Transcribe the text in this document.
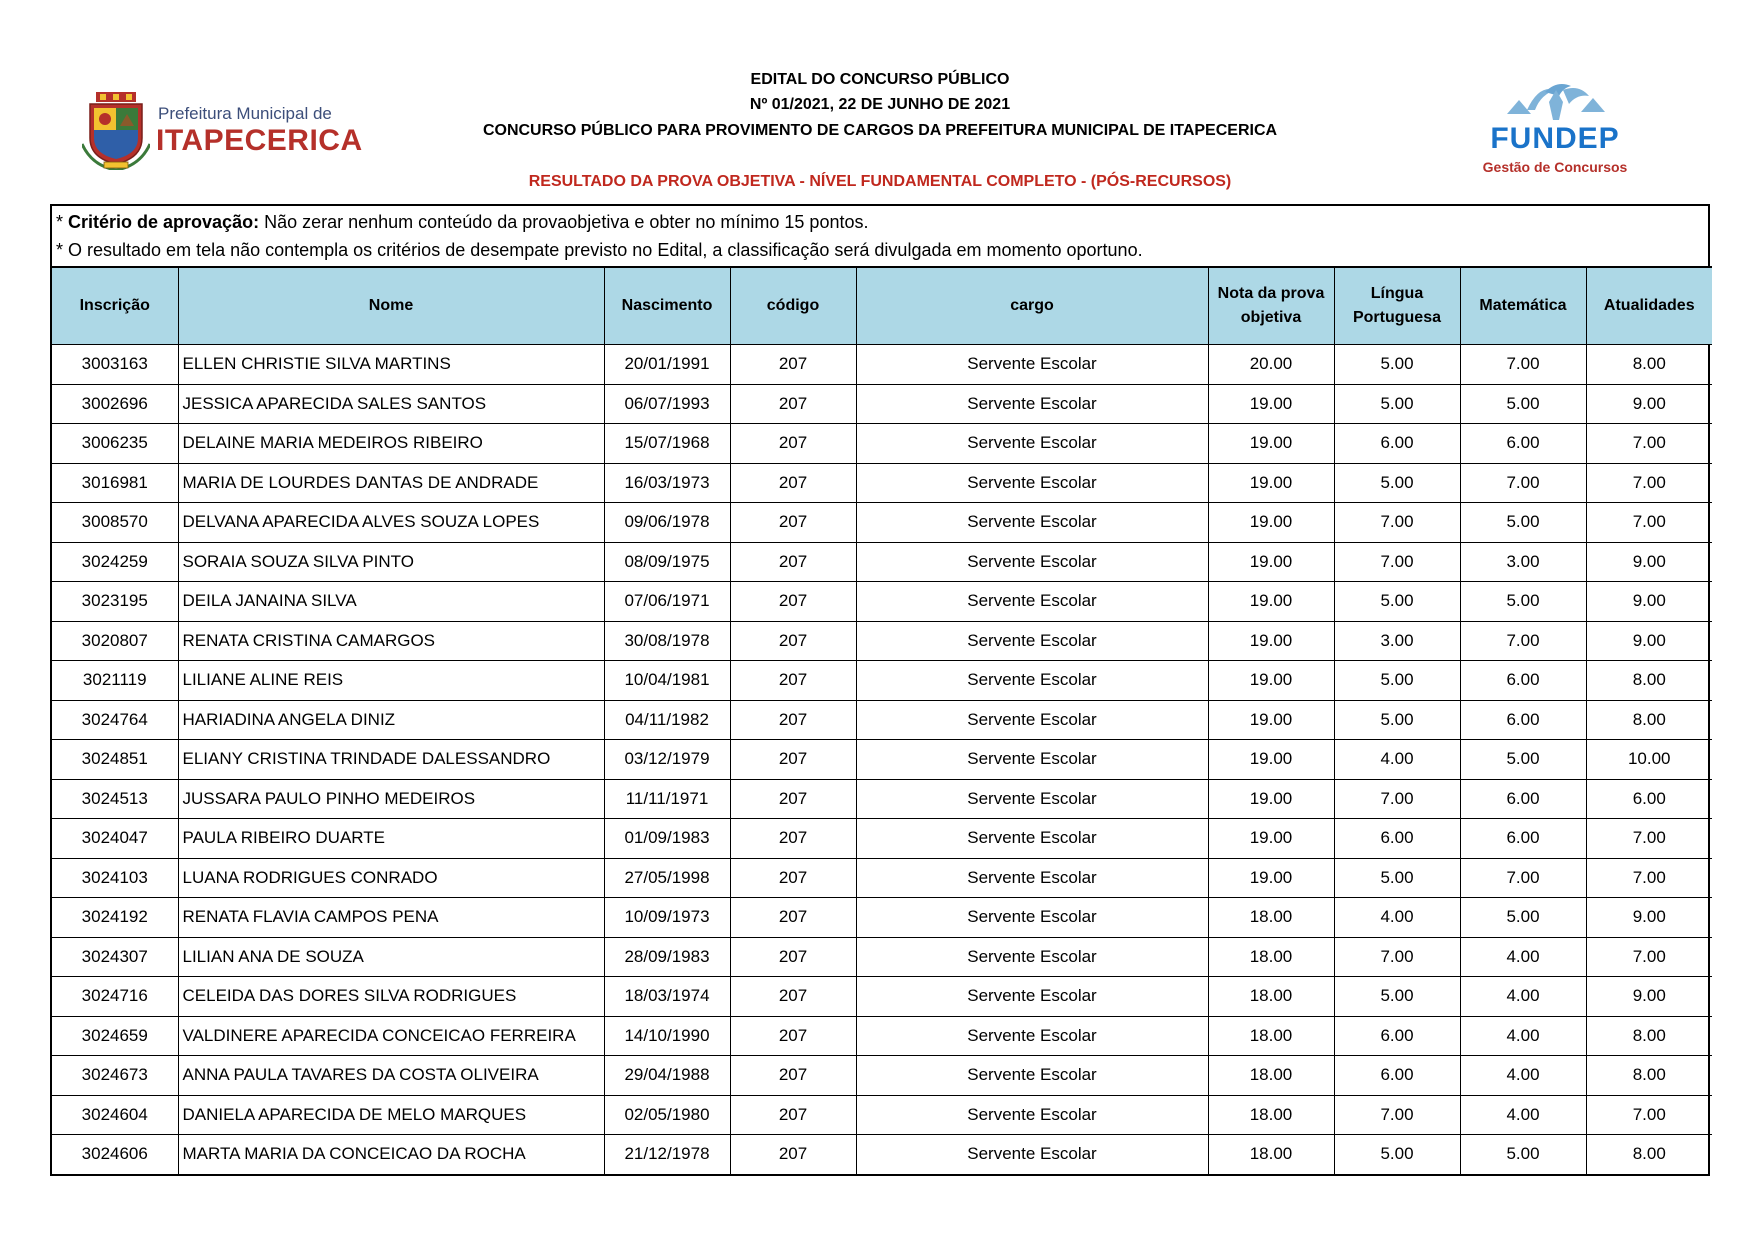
Prefeitura Municipal de
ITAPECERICA	FUNDEP
Gestão de Concursos
EDITAL DO CONCURSO PÚBLICO
Nº 01/2021, 22 DE JUNHO DE 2021
CONCURSO PÚBLICO PARA PROVIMENTO DE CARGOS DA PREFEITURA MUNICIPAL DE ITAPECERICA
RESULTADO DA PROVA OBJETIVA - NÍVEL FUNDAMENTAL COMPLETO - (PÓS-RECURSOS)
* Critério de aprovação: Não zerar nenhum conteúdo da provaobjetiva e obter no mínimo 15 pontos.
* O resultado em tela não contempla os critérios de desempate previsto no Edital, a classificação será divulgada em momento oportuno.
Inscrição	Nome	Nascimento	código	cargo	Nota da prova objetiva	Língua Portuguesa	Matemática	Atualidades
3003163	ELLEN CHRISTIE SILVA MARTINS	20/01/1991	207	Servente Escolar	20.00	5.00	7.00	8.00
3002696	JESSICA APARECIDA SALES SANTOS	06/07/1993	207	Servente Escolar	19.00	5.00	5.00	9.00
3006235	DELAINE MARIA MEDEIROS RIBEIRO	15/07/1968	207	Servente Escolar	19.00	6.00	6.00	7.00
3016981	MARIA DE LOURDES DANTAS DE ANDRADE	16/03/1973	207	Servente Escolar	19.00	5.00	7.00	7.00
3008570	DELVANA APARECIDA ALVES SOUZA LOPES	09/06/1978	207	Servente Escolar	19.00	7.00	5.00	7.00
3024259	SORAIA SOUZA SILVA PINTO	08/09/1975	207	Servente Escolar	19.00	7.00	3.00	9.00
3023195	DEILA JANAINA SILVA	07/06/1971	207	Servente Escolar	19.00	5.00	5.00	9.00
3020807	RENATA CRISTINA CAMARGOS	30/08/1978	207	Servente Escolar	19.00	3.00	7.00	9.00
3021119	LILIANE ALINE REIS	10/04/1981	207	Servente Escolar	19.00	5.00	6.00	8.00
3024764	HARIADINA ANGELA DINIZ	04/11/1982	207	Servente Escolar	19.00	5.00	6.00	8.00
3024851	ELIANY CRISTINA TRINDADE DALESSANDRO	03/12/1979	207	Servente Escolar	19.00	4.00	5.00	10.00
3024513	JUSSARA PAULO PINHO MEDEIROS	11/11/1971	207	Servente Escolar	19.00	7.00	6.00	6.00
3024047	PAULA RIBEIRO DUARTE	01/09/1983	207	Servente Escolar	19.00	6.00	6.00	7.00
3024103	LUANA RODRIGUES CONRADO	27/05/1998	207	Servente Escolar	19.00	5.00	7.00	7.00
3024192	RENATA FLAVIA CAMPOS PENA	10/09/1973	207	Servente Escolar	18.00	4.00	5.00	9.00
3024307	LILIAN ANA DE SOUZA	28/09/1983	207	Servente Escolar	18.00	7.00	4.00	7.00
3024716	CELEIDA DAS DORES SILVA RODRIGUES	18/03/1974	207	Servente Escolar	18.00	5.00	4.00	9.00
3024659	VALDINERE APARECIDA CONCEICAO FERREIRA	14/10/1990	207	Servente Escolar	18.00	6.00	4.00	8.00
3024673	ANNA PAULA TAVARES DA COSTA OLIVEIRA	29/04/1988	207	Servente Escolar	18.00	6.00	4.00	8.00
3024604	DANIELA APARECIDA DE MELO MARQUES	02/05/1980	207	Servente Escolar	18.00	7.00	4.00	7.00
3024606	MARTA MARIA DA CONCEICAO DA ROCHA	21/12/1978	207	Servente Escolar	18.00	5.00	5.00	8.00
